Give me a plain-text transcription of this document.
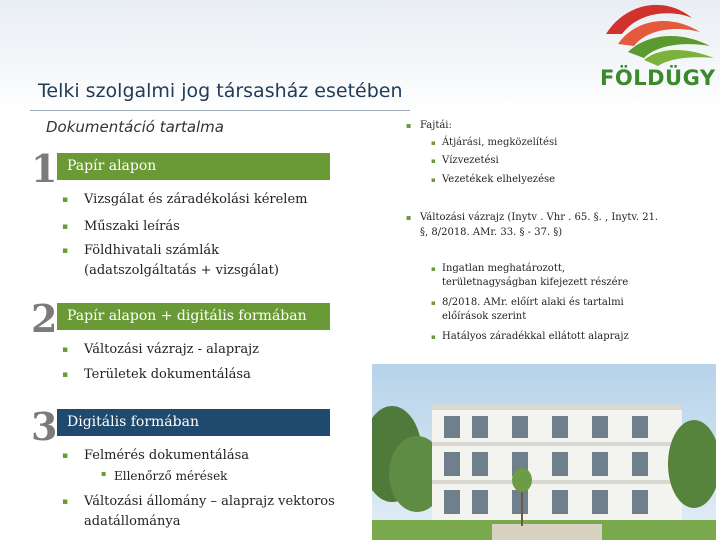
Telki szolgalmi jog társasház esetében
FÖLDÜGY
Dokumentáció tartalma
1 Papír alapon
▪ Vizsgálat és záradékolási kérelem
▪ Műszaki leírás
▪ Földhivatali számlák (adatszolgáltatás + vizsgálat)
2 Papír alapon + digitális formában
▪ Változási vázrajz - alaprajz
▪ Területek dokumentálása
3 Digitális formában
▪ Felmérés dokumentálása
▪ Ellenőrző mérések
▪ Változási állomány – alaprajz vektoros adatállománya
▪ Fajtái:
▪ Átjárási, megközelítési
▪ Vízvezetési
▪ Vezetékek elhelyezése
▪ Változási vázrajz (Inytv . Vhr . 65. §. , Inytv. 21. §, 8/2018. AMr. 33. § - 37. §)
▪ Ingatlan meghatározott, területnagyságban kifejezett részére
▪ 8/2018. AMr. előírt alaki és tartalmi előírások szerint
▪ Hatályos záradékkal ellátott alaprajz
